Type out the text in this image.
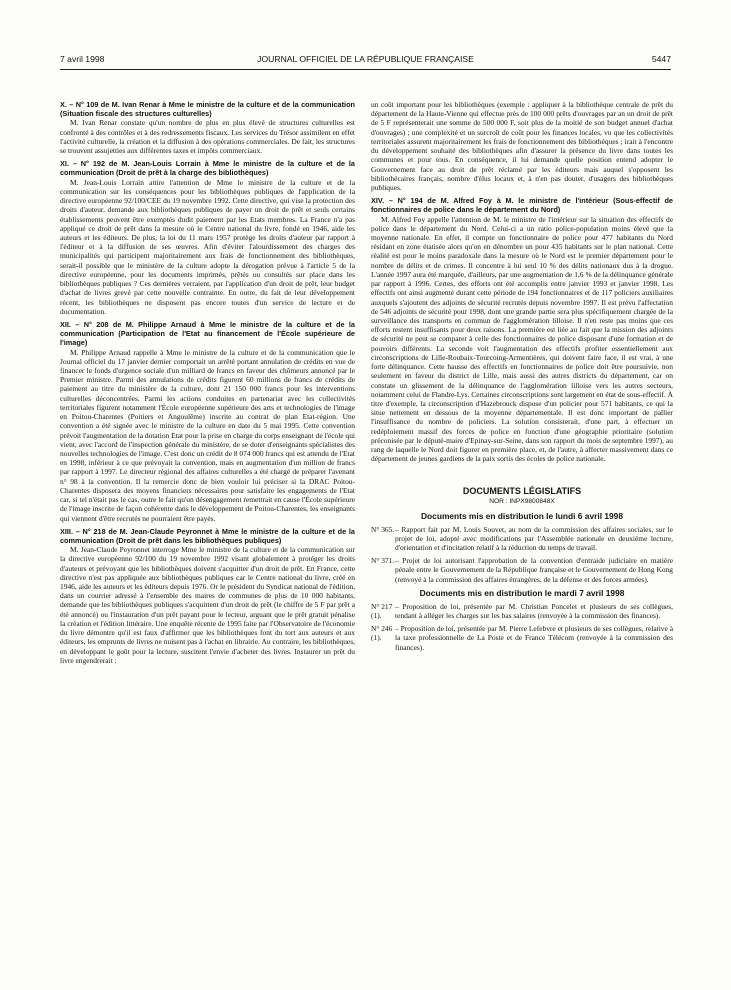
7 avril 1998	JOURNAL OFFICIEL DE LA RÉPUBLIQUE FRANÇAISE	5447
X. – N° 109 de M. Ivan Renar à Mme le ministre de la culture et de la communication (Situation fiscale des structures culturelles)

M. Ivan Renar constate qu'un nombre de plus en plus élevé de structures culturelles est confronté à des contrôles et à des redressements fiscaux. Les services du Trésor assimilent en effet l'activité culturelle, la création et la diffusion à des opérations commerciales. De fait, les structures se trouvent assujetties aux différentes taxes et impôts commerciaux.

XI. – N° 192 de M. Jean-Louis Lorrain à Mme le ministre de la culture et de la communication (Droit de prêt à la charge des bibliothèques)

M. Jean-Louis Lorrain attire l'attention de Mme le ministre de la culture et de la communication sur les conséquences pour les bibliothèques publiques de l'application de la directive européenne 92/100/CEE du 19 novembre 1992. Cette directive, qui vise la protection des droits d'auteur, demande aux bibliothèques publiques de payer un droit de prêt et seuls certains établissements peuvent être exemptés dudit paiement par les Etats membres. La France n'a pas appliqué ce droit de prêt dans la mesure où le Centre national du livre, fondé en 1946, aide les auteurs et les éditeurs. De plus, la loi du 11 mars 1957 protège les droits d'auteur par rapport à l'éditeur et à la diffusion de ses œuvres. Afin d'éviter l'alourdissement des charges des municipalités qui participent majoritairement aux frais de fonctionnement des bibliothèques, serait-il possible que le ministère de la culture adopte la dérogation prévue à l'article 5 de la directive européenne, pour les documents imprimés, prêtés ou consultés sur place dans les bibliothèques publiques ? Ces dernières verraient, par l'application d'un droit de prêt, leur budget d'achat de livres grevé par cette nouvelle contrainte. En outre, du fait de leur développement récent, les bibliothèques ne disposent pas encore toutes d'un service de lecture et de documentation.

XII. – N° 208 de M. Philippe Arnaud à Mme le ministre de la culture et de la communication (Participation de l'Etat au financement de l'École supérieure de l'image)

M. Philippe Arnaud rappelle à Mme le ministre de la culture et de la communication que le Journal officiel du 17 janvier dernier comportait un arrêté portant annulation de crédits en vue de financer le fonds d'urgence sociale d'un milliard de francs en faveur des chômeurs annoncé par le Premier ministre. Parmi des annulations de crédits figurent 60 millions de francs de crédits de paiement au titre du ministère de la culture, dont 21 150 000 francs pour les interventions culturelles déconcentrées. Parmi les actions conduites en partenariat avec les collectivités territoriales figurent notamment l'École européenne supérieure des arts et technologies de l'image en Poitou-Charentes (Poitiers et Angoulême) inscrite au contrat de plan Etat-région. Une convention a été signée avec le ministre de la culture en date du 5 mai 1995. Cette convention prévoit l'augmentation de la dotation Etat pour la prise en charge du corps enseignant de l'école qui vient, avec l'accord de l'inspection générale du ministère, de se doter d'enseignants spécialistes des nouvelles technologies de l'image. C'est donc un crédit de 8 074 000 francs qui est attendu de l'Etat en 1998, inférieur à ce que prévoyait la convention, mais en augmentation d'un million de francs par rapport à 1997. Le directeur régional des affaires culturelles a été chargé de préparer l'avenant n° 98 à la convention. Il la remercie donc de bien vouloir lui préciser si la DRAC Poitou-Charentes disposera des moyens financiers nécessaires pour satisfaire les engagements de l'Etat car, si tel n'était pas le cas, outre le fait qu'un désengagement remettrait en cause l'École supérieure de l'image inscrite de façon cohérente dans le développement de Poitou-Charentes, les enseignants qui viennent d'être recrutés ne pourraient être payés.

XIII. – N° 218 de M. Jean-Claude Peyronnet à Mme le ministre de la culture et de la communication (Droit de prêt dans les bibliothèques publiques)

M. Jean-Claude Peyronnet interroge Mme le ministre de la culture et de la communication sur la directive européenne 92/100 du 19 novembre 1992 visant globalement à protéger les droits d'auteurs et prévoyant que les bibliothèques doivent s'acquitter d'un droit de prêt. En France, cette directive n'est pas appliquée aux bibliothèques publiques car le Centre national du livre, créé en 1946, aide les auteurs et les éditeurs depuis 1976. Or le président du Syndicat national de l'édition, dans un courrier adressé à l'ensemble des maires de communes de plus de 10 000 habitants, demande que les bibliothèques publiques s'acquittent d'un droit de prêt (le chiffre de 5 F par prêt a été annoncé) ou l'instauration d'un prêt payant pour le lecteur, arguant que le prêt gratuit pénalise la création et l'édition littéraire. Une enquête récente de 1995 faite par l'Observatoire de l'économie du livre démontre qu'il est faux d'affirmer que les bibliothèques font du tort aux auteurs et aux éditeurs, les emprunts de livres ne nuisent pas à l'achat en librairie. Au contraire, les bibliothèques, en développant le goût pour la lecture, suscitent l'envie d'acheter des livres. Instaurer un prêt du livre engendrerait :

un coût important pour les bibliothèques (exemple : appliquer à la bibliothèque centrale de prêt du département de la Haute-Vienne qui effectue près de 100 000 prêts d'ouvrages par an un droit de prêt de 5 F représenterait une somme de 500 000 F, soit plus de la moitié de son budget annuel d'achat d'ouvrages) ; une complexité et un surcroît de coût pour les finances locales, vu que les collectivités territoriales assurent majoritairement les frais de fonctionnement des bibliothèques ; irait à l'encontre du développement souhaité des bibliothèques afin d'assurer la présence du livre dans toutes les communes et pour tous. En conséquence, il lui demande quelle position entend adopter le Gouvernement face au droit de prêt réclamé par les éditeurs mais auquel s'opposent les bibliothécaires français, nombre d'élus locaux et, à n'en pas douter, d'usagers des bibliothèques publiques.

XIV. – N° 194 de M. Alfred Foy à M. le ministre de l'intérieur (Sous-effectif de fonctionnaires de police dans le département du Nord)

M. Alfred Foy appelle l'attention de M. le ministre de l'intérieur sur la situation des effectifs de police dans le département du Nord. Celui-ci a un ratio police-population moins élevé que la moyenne nationale. En effet, il compte un fonctionnaire de police pour 477 habitants du Nord résidant en zone étatisée alors qu'on en dénombre un pour 435 habitants sur le plan national. Cette réalité est pour le moins paradoxale dans la mesure où le Nord est le premier département pour le nombre de délits et de crimes. Il concentre à lui seul 10 % des délits nationaux dus à la drogue. L'année 1997 aura été marquée, d'ailleurs, par une augmentation de 1,6 % de la délinquance générale par rapport à 1996. Certes, des efforts ont été accomplis entre janvier 1993 et janvier 1998. Les effectifs ont ainsi augmenté durant cette période de 194 fonctionnaires et de 117 policiers auxiliaires auxquels s'ajoutent des adjoints de sécurité recrutés depuis novembre 1997. Il est prévu l'affectation de 546 adjoints de sécurité pour 1998, dont une grande partie sera plus spécifiquement chargée de la surveillance des transports en commun de l'agglomération lilloise. Il n'en reste pas moins que ces efforts restent insuffisants pour deux raisons. La première est liée au fait que la mission des adjoints de sécurité ne peut se comparer à celle des fonctionnaires de police disposant d'une formation et de pouvoirs différents. La seconde voit l'augmentation des effectifs profiter essentiellement aux circonscriptions de Lille-Roubaix-Tourcoing-Armentières, qui doivent faire face, il est vrai, à une forte délinquance. Cette hausse des effectifs en fonctionnaires de police doit être poursuivie, non seulement en faveur du district de Lille, mais aussi des autres districts du département, car on constate un glissement de la délinquance de l'agglomération lilloise vers les autres secteurs, notamment celui de Flandre-Lys. Certaines circonscriptions sont largement en état de sous-effectif. À titre d'exemple, la circonscription d'Hazebrouck dispose d'un policier pour 571 habitants, ce qui la situe nettement en dessous de la moyenne départementale. Il est donc important de pallier l'insuffisance du nombre de policiers. La solution consisterait, d'une part, à effectuer un redéploiement massif des forces de police en fonction d'une géographie prioritaire (solution préconisée par le député-maire d'Epinay-sur-Seine, dans son rapport du mois de septembre 1997), au rang de laquelle le Nord doit figurer en première place, et, de l'autre, à affecter massivement dans ce département de jeunes gardiens de la paix sortis des écoles de police nationale.

DOCUMENTS LÉGISLATIFS
NOR : INPX9800848X
Documents mis en distribution le lundi 6 avril 1998
N° 365. – Rapport fait par M. Louis Souvet, au nom de la commission des affaires sociales, sur le projet de loi, adopté avec modifications par l'Assemblée nationale en deuxième lecture, d'orientation et d'incitation relatif à la réduction du temps de travail.
N° 371. – Projet de loi autorisant l'approbation de la convention d'entraide judiciaire en matière pénale entre le Gouvernement de la République française et le Gouvernement de Hong Kong (renvoyé à la commission des affaires étrangères, de la défense et des forces armées).
Documents mis en distribution le mardi 7 avril 1998
N° 217 (1).
– Proposition de loi, présentée par M. Christian Poncelet et plusieurs de ses collègues, tendant à alléger les charges sur les bas salaires (renvoyée à la commission des finances).
N° 246 (1).
– Proposition de loi, présentée par M. Pierre Lefebvre et plusieurs de ses collègues, relative à la taxe professionnelle de La Poste et de France Télécom (renvoyée à la commission des finances).
